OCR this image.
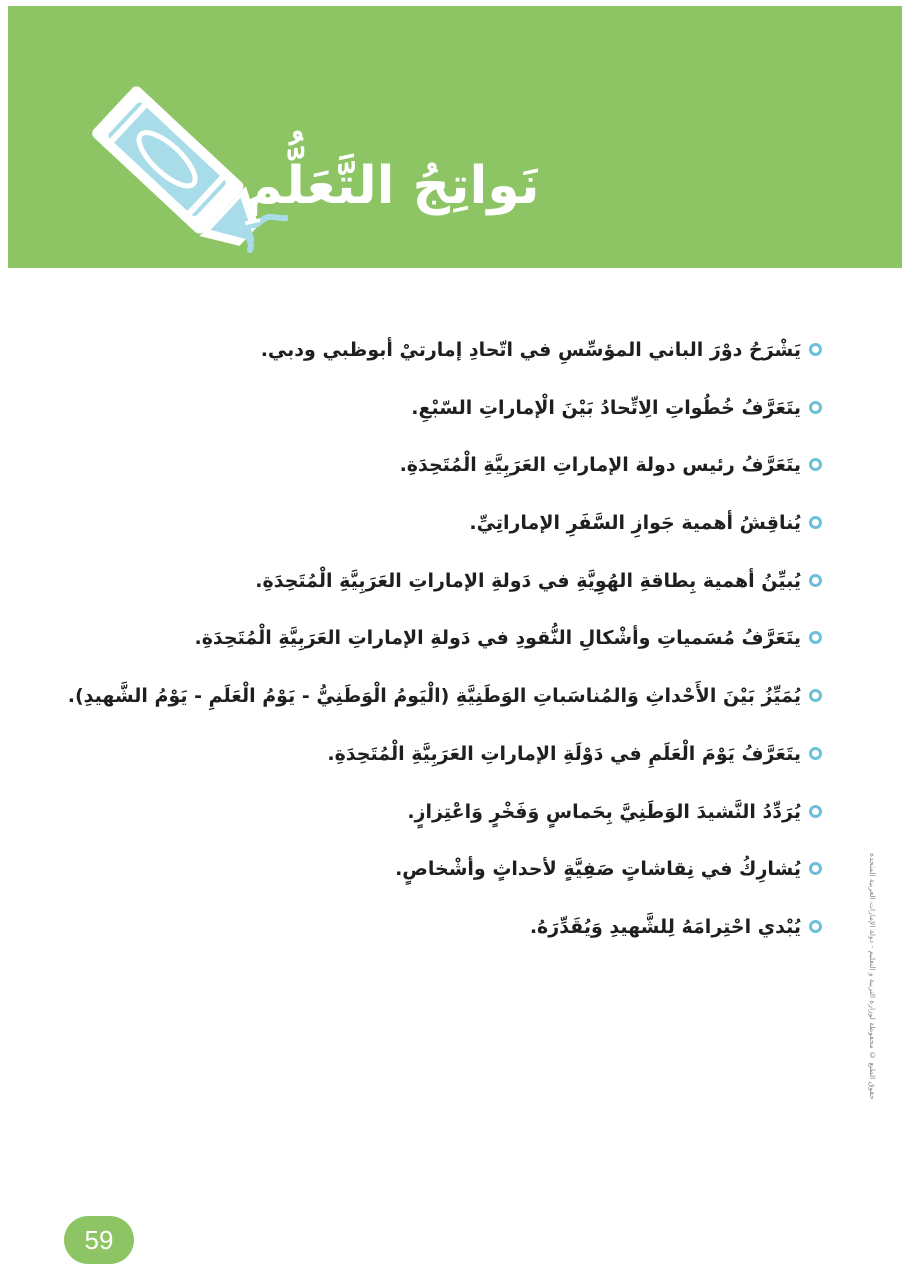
نَواتِجُ التَّعَلُّمِ
يَشْرَحُ دوْرَ الباني المؤسِّسِ في اتّحادِ إمارتيْ أبوظبي ودبي.
يتَعَرَّفُ خُطُواتِ الِاتِّحادُ بَيْنَ الْإماراتِ السّبْعِ.
يتَعَرَّفُ رئيس دولة الإماراتِ العَرَبِيَّةِ الْمُتَحِدَةِ.
يُناقِشُ أهمية جَوازِ السَّفَرِ الإماراتِيِّ.
يُبيِّنُ أهمية بِطاقةِ الهُوِيَّةِ في دَولةِ الإماراتِ العَرَبِيَّةِ الْمُتَحِدَةِ.
يتَعَرَّفُ مُسَمياتِ وأشْكالِ النُّقودِ في دَولةِ الإماراتِ العَرَبِيَّةِ الْمُتَحِدَةِ.
يُمَيِّزُ بَيْنَ الأَحْداثِ وَالمُناسَباتِ الوَطَنِيَّةِ (الْيَومُ الْوَطَنِيُّ - يَوْمُ الْعَلَمِ - يَوْمُ الشَّهيدِ).
يتَعَرَّفُ يَوْمَ الْعَلَمِ في دَوْلَةِ الإماراتِ العَرَبِيَّةِ الْمُتَحِدَةِ.
يُرَدِّدُ النَّشيدَ الوَطَنِيَّ بِحَماسٍ وَفَخْرٍ وَاعْتِزازٍ.
يُشارِكُ في نِقاشاتٍ صَفِيَّةٍ لأحداثٍ وأشْخاصٍ.
يُبْدي احْتِرامَهُ لِلشَّهيدِ وَيُقَدِّرَهُ.	حقوق الطبع © محفوظة لوزارة التربية و التعليم - دولة الإمارات العربية المتحدة
59
